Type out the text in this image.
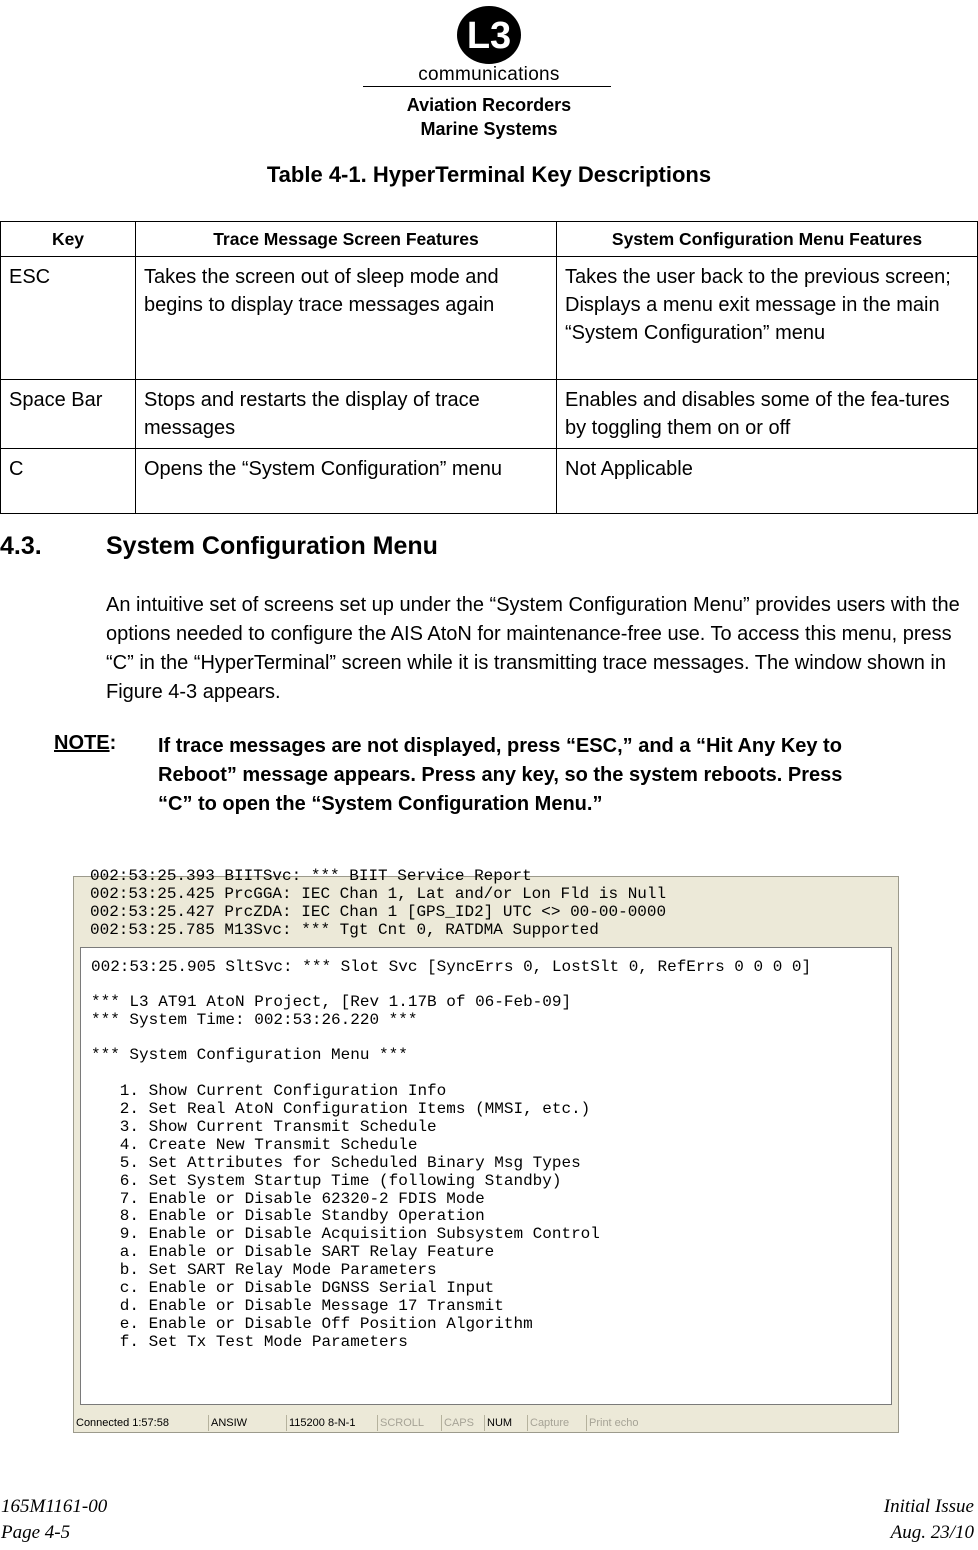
L3
communications
Aviation Recorders
Marine Systems
Table 4-1. HyperTerminal Key Descriptions
Key	Trace Message Screen Features	System Configuration Menu Features
ESC	Takes the screen out of sleep mode and begins to display trace messages again	Takes the user back to the previous screen; Displays a menu exit message in the main “System Configuration” menu
Space Bar	Stops and restarts the display of trace messages	Enables and disables some of the fea-tures by toggling them on or off
C	Opens the “System Configuration” menu	Not Applicable
4.3.	System Configuration Menu
An intuitive set of screens set up under the “System Configuration Menu” provides users with the options needed to configure the AIS AtoN for maintenance-free use. To access this menu, press “C” in the “HyperTerminal” screen while it is transmitting trace messages. The window shown in Figure 4-3 appears.
NOTE: If trace messages are not displayed, press “ESC,” and a “Hit Any Key to Reboot” message appears. Press any key, so the system reboots. Press “C” to open the “System Configuration Menu.”
002:53:25.393 BIITSvc: *** BIIT Service Report
002:53:25.425 PrcGGA: IEC Chan 1, Lat and/or Lon Fld is Null
002:53:25.427 PrcZDA: IEC Chan 1 [GPS_ID2] UTC <> 00-00-0000
002:53:25.785 M13Svc: *** Tgt Cnt 0, RATDMA Supported
002:53:25.905 SltSvc: *** Slot Svc [SyncErrs 0, LostSlt 0, RefErrs 0 0 0 0]
*** L3 AT91 AtoN Project, [Rev 1.17B of 06-Feb-09]
*** System Time: 002:53:26.220 ***
*** System Configuration Menu ***
1. Show Current Configuration Info
2. Set Real AtoN Configuration Items (MMSI, etc.)
3. Show Current Transmit Schedule
4. Create New Transmit Schedule
5. Set Attributes for Scheduled Binary Msg Types
6. Set System Startup Time (following Standby)
7. Enable or Disable 62320-2 FDIS Mode
8. Enable or Disable Standby Operation
9. Enable or Disable Acquisition Subsystem Control
a. Enable or Disable SART Relay Feature
b. Set SART Relay Mode Parameters
c. Enable or Disable DGNSS Serial Input
d. Enable or Disable Message 17 Transmit
e. Enable or Disable Off Position Algorithm
f. Set Tx Test Mode Parameters
Connected 1:57:58	ANSIW	115200 8-N-1 SCROLL CAPS NUM Capture Print echo
165M1161-00
Page 4-5
Initial Issue
Aug. 23/10
